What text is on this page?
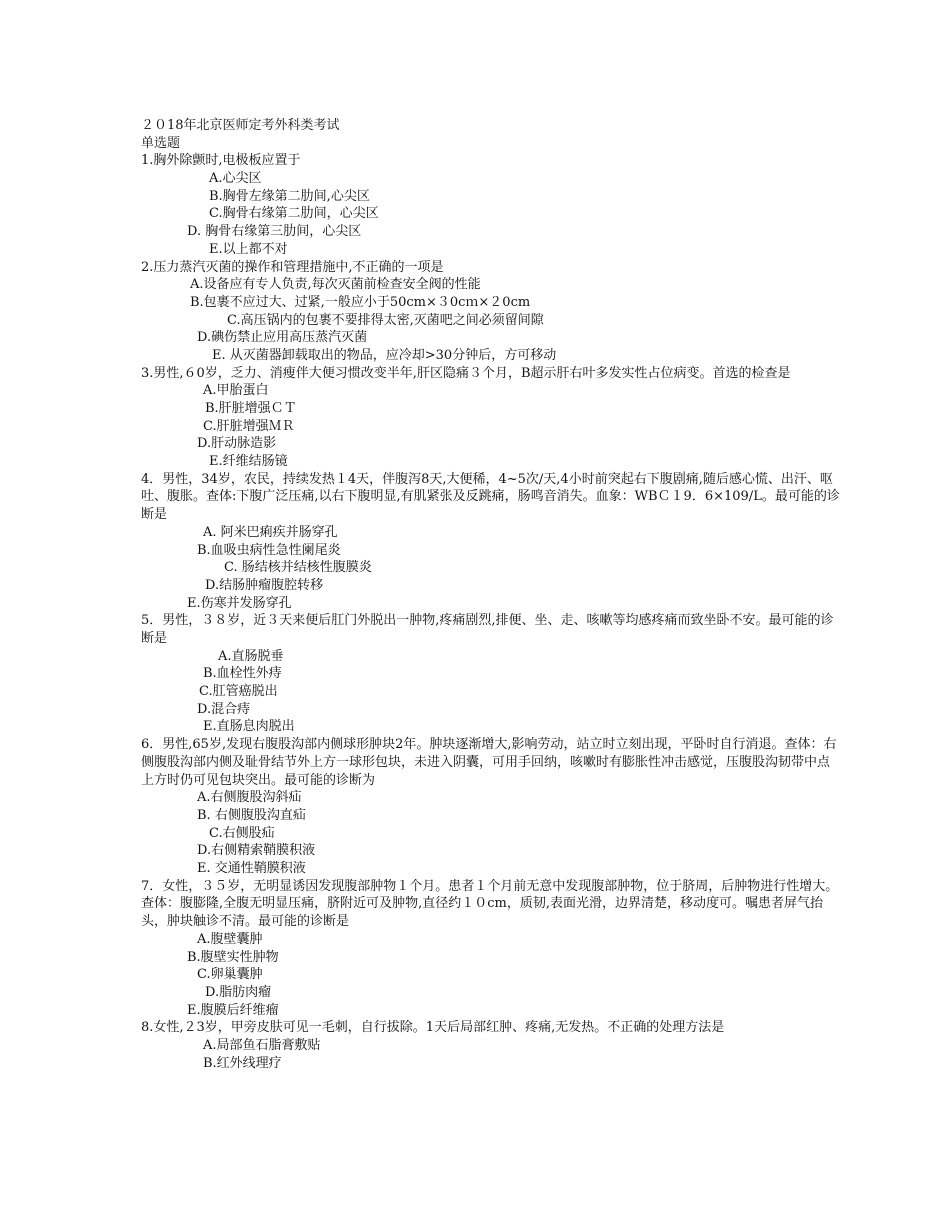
２０18年北京医师定考外科类考试
单选题
1.胸外除颤时,电极板应置于
A.心尖区
B.胸骨左缘第二肋间,心尖区
C.胸骨右缘第二肋间，心尖区
D. 胸骨右缘第三肋间，心尖区
E.以上都不对
2.压力蒸汽灭菌的操作和管理措施中,不正确的一项是
A.设备应有专人负责,每次灭菌前检查安全阀的性能
B.包裹不应过大、过紧,一般应小于50cm×３0cｍ×２0cm
C.高压锅内的包裹不要排得太密,灭菌吧之间必须留间隙
D.碘伤禁止应用高压蒸汽灭菌
E. 从灭菌器卸载取出的物品，应冷却>30分钟后，方可移动
3.男性,６0岁，乏力、消瘦伴大便习惯改变半年,肝区隐痛３个月，B超示肝右叶多发实性占位病变。首选的检查是
A.甲胎蛋白
B.肝脏增强ＣＴ
C.肝脏增强ＭＲ
D.肝动脉造影
E.纤维结肠镜
4．男性，34岁，农民，持续发热１4天，伴腹泻8天,大便稀，4~5次/天,4小时前突起右下腹剧痛,随后感心慌、出汗、呕吐、腹胀。查体:下腹广泛压痛,以右下腹明显,有肌紧张及反跳痛，肠鸣音消失。血象：WBＣ１9．6×109/L。最可能的诊断是
A. 阿米巴痢疾并肠穿孔
B.血吸虫病性急性阑尾炎
C. 肠结核并结核性腹膜炎
D.结肠肿瘤腹腔转移
E.伤寒并发肠穿孔
5．男性，３８岁，近３天来便后肛门外脱出一肿物,疼痛剧烈,排便、坐、走、咳嗽等均感疼痛而致坐卧不安。最可能的诊断是
A.直肠脱垂
B.血栓性外痔
C.肛管癌脱出
D.混合痔
E.直肠息肉脱出
6．男性,65岁,发现右腹股沟部内侧球形肿块2年。肿块逐渐增大,影响劳动，站立时立刻出现，平卧时自行消退。查体：右侧腹股沟部内侧及耻骨结节外上方一球形包块，未进入阴囊，可用手回纳，咳嗽时有膨胀性冲击感觉，压腹股沟韧带中点上方时仍可见包块突出。最可能的诊断为
A.右侧腹股沟斜疝
B. 右侧腹股沟直疝
C.右侧股疝
D.右侧精索鞘膜积液
E. 交通性鞘膜积液
7．女性，３５岁，无明显诱因发现腹部肿物１个月。患者１个月前无意中发现腹部肿物，位于脐周，后肿物进行性增大。查体：腹膨隆,全腹无明显压痛，脐附近可及肿物,直径约１０cm，质韧,表面光滑，边界清楚，移动度可。嘱患者屏气抬头，肿块触诊不清。最可能的诊断是
A.腹壁囊肿
B.腹壁实性肿物
C.卵巢囊肿
D.脂肪肉瘤
E.腹膜后纤维瘤
8.女性,２3岁，甲旁皮肤可见一毛刺，自行拔除。1天后局部红肿、疼痛,无发热。不正确的处理方法是
A.局部鱼石脂膏敷贴
B.红外线理疗
